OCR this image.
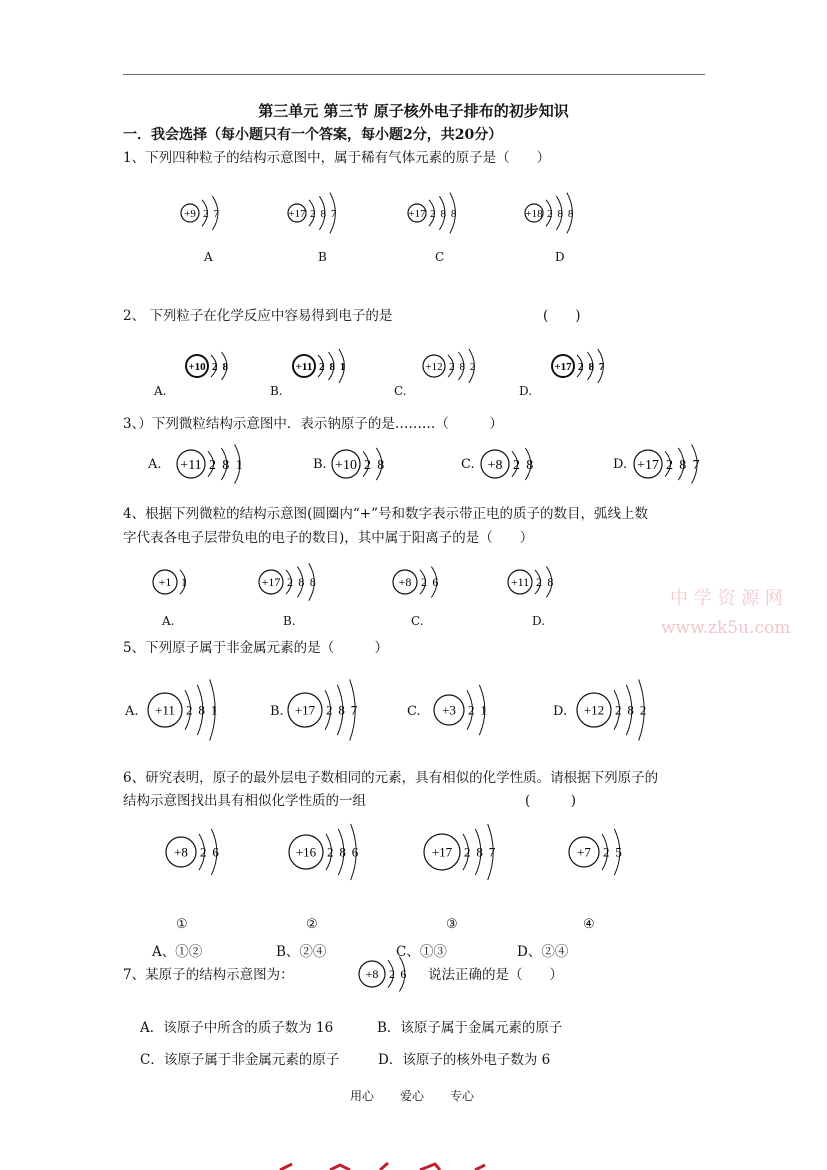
第三单元 第三节 原子核外电子排布的初步知识
一．我会选择（每小题只有一个答案，每小题2分，共20分）
1、下列四种粒子的结构示意图中，属于稀有气体元素的原子是（　　）
+9 2 7	+17 2 8 7	+17 2 8 8	+18 2 8 8
A	B	C	D
2、 下列粒子在化学反应中容易得到电子的是	(　　)
+10 2 8	+11 2 8 1	+12 2 8 2	+17 2 8 7
A.	B.	C.	D.
3、）下列微粒结构示意图中．表示钠原子的是………（　　　）
A.	B.	C.	D.
+11 2 8 1	+10 2 8	+8 2 8	+17 2 8 7
4、根据下列微粒的结构示意图(圆圈内“+”号和数字表示带正电的质子的数目，弧线上数
字代表各电子层带负电的电子的数目)，其中属于阳离子的是（　　）
+1 1	+17 2 8 8	+8 2 6	+11 2 8
A.	B.	C.	D.
中 学 资 源 网
www.zk5u.com
5、下列原子属于非金属元素的是（　　　）
A.	B.	C.	D.
+11 2 8 1	+17 2 8 7	+3 2 1	+12 2 8 2
6、研究表明，原子的最外层电子数相同的元素，具有相似的化学性质。请根据下列原子的
结构示意图找出具有相似化学性质的一组	(　　　)
+8 2 6	+16 2 8 6	+17 2 8 7	+7 2 5
①	②	③	④
A、①②	B、②④	C、①③	D、②④
7、某原子的结构示意图为：	+8 2 6 说法正确的是（　　）
A．该原子中所含的质子数为 16	B．该原子属于金属元素的原子
C．该原子属于非金属元素的原子	D．该原子的核外电子数为 6
用心 爱心 专心
